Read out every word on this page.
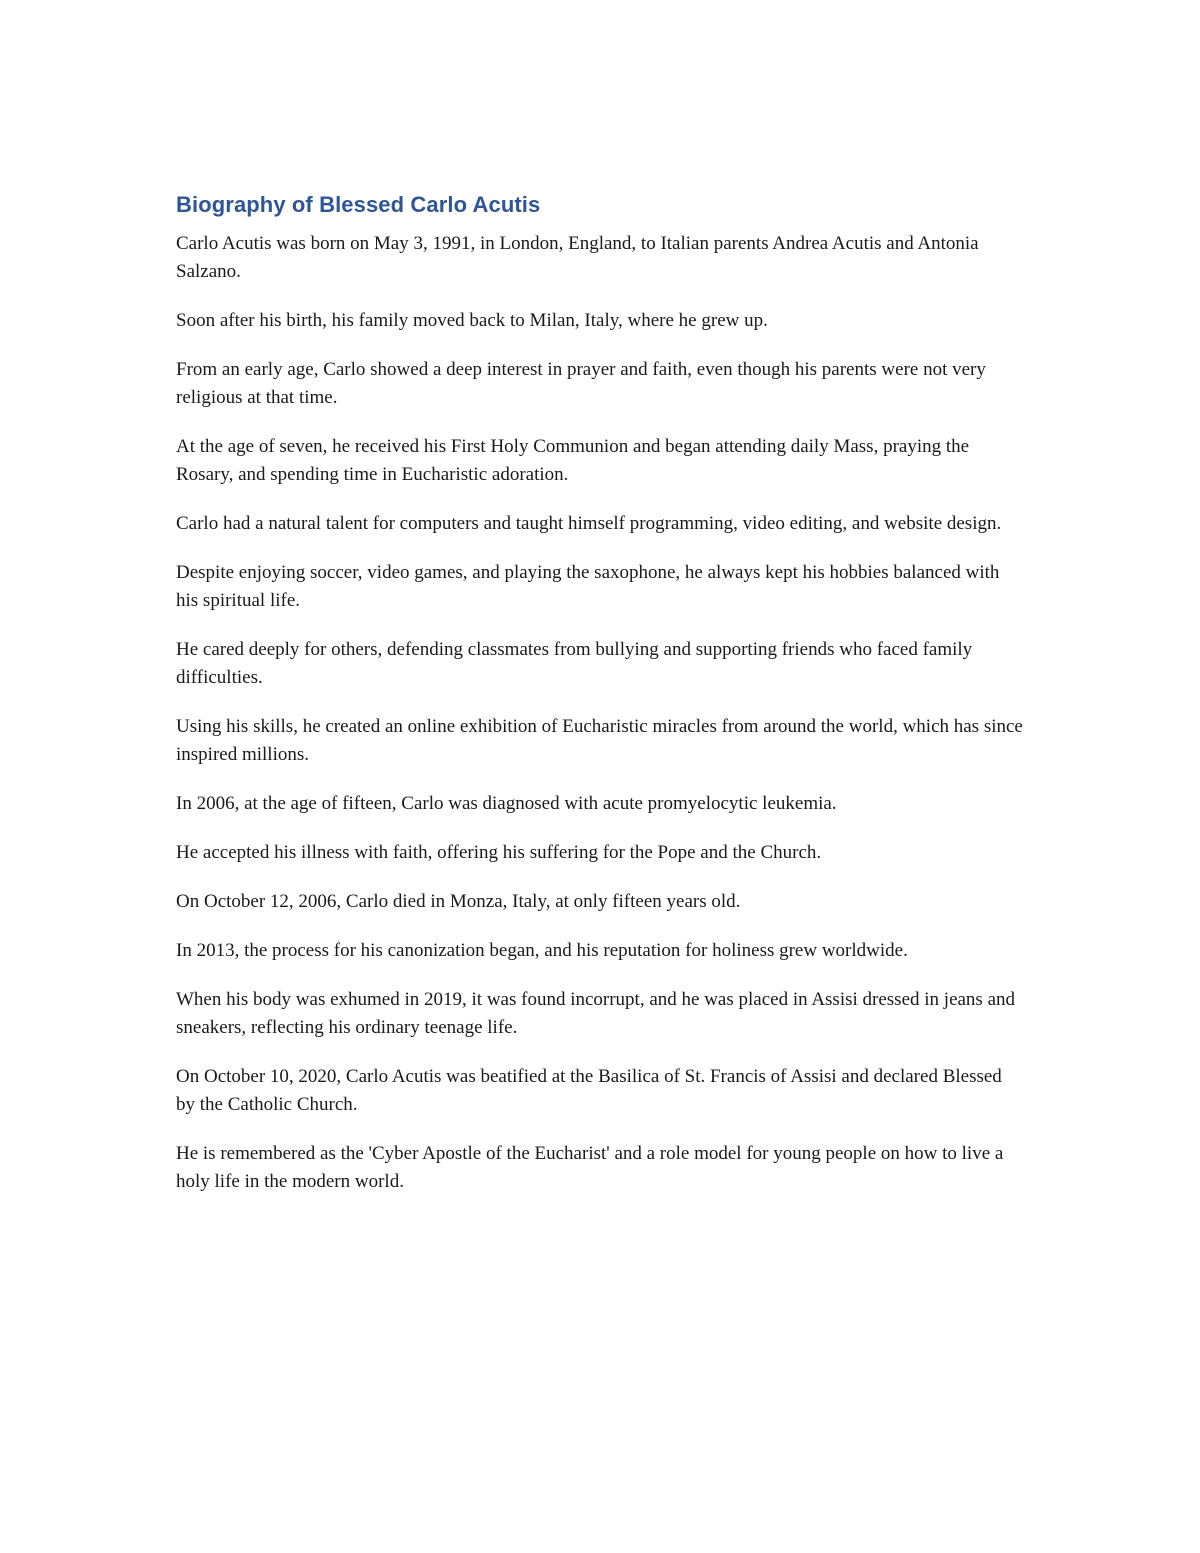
Biography of Blessed Carlo Acutis

Carlo Acutis was born on May 3, 1991, in London, England, to Italian parents Andrea Acutis and Antonia Salzano.

Soon after his birth, his family moved back to Milan, Italy, where he grew up.

From an early age, Carlo showed a deep interest in prayer and faith, even though his parents were not very religious at that time.

At the age of seven, he received his First Holy Communion and began attending daily Mass, praying the Rosary, and spending time in Eucharistic adoration.

Carlo had a natural talent for computers and taught himself programming, video editing, and website design.

Despite enjoying soccer, video games, and playing the saxophone, he always kept his hobbies balanced with his spiritual life.

He cared deeply for others, defending classmates from bullying and supporting friends who faced family difficulties.

Using his skills, he created an online exhibition of Eucharistic miracles from around the world, which has since inspired millions.

In 2006, at the age of fifteen, Carlo was diagnosed with acute promyelocytic leukemia.

He accepted his illness with faith, offering his suffering for the Pope and the Church.

On October 12, 2006, Carlo died in Monza, Italy, at only fifteen years old.

In 2013, the process for his canonization began, and his reputation for holiness grew worldwide.

When his body was exhumed in 2019, it was found incorrupt, and he was placed in Assisi dressed in jeans and sneakers, reflecting his ordinary teenage life.

On October 10, 2020, Carlo Acutis was beatified at the Basilica of St. Francis of Assisi and declared Blessed by the Catholic Church.

He is remembered as the 'Cyber Apostle of the Eucharist' and a role model for young people on how to live a holy life in the modern world.
